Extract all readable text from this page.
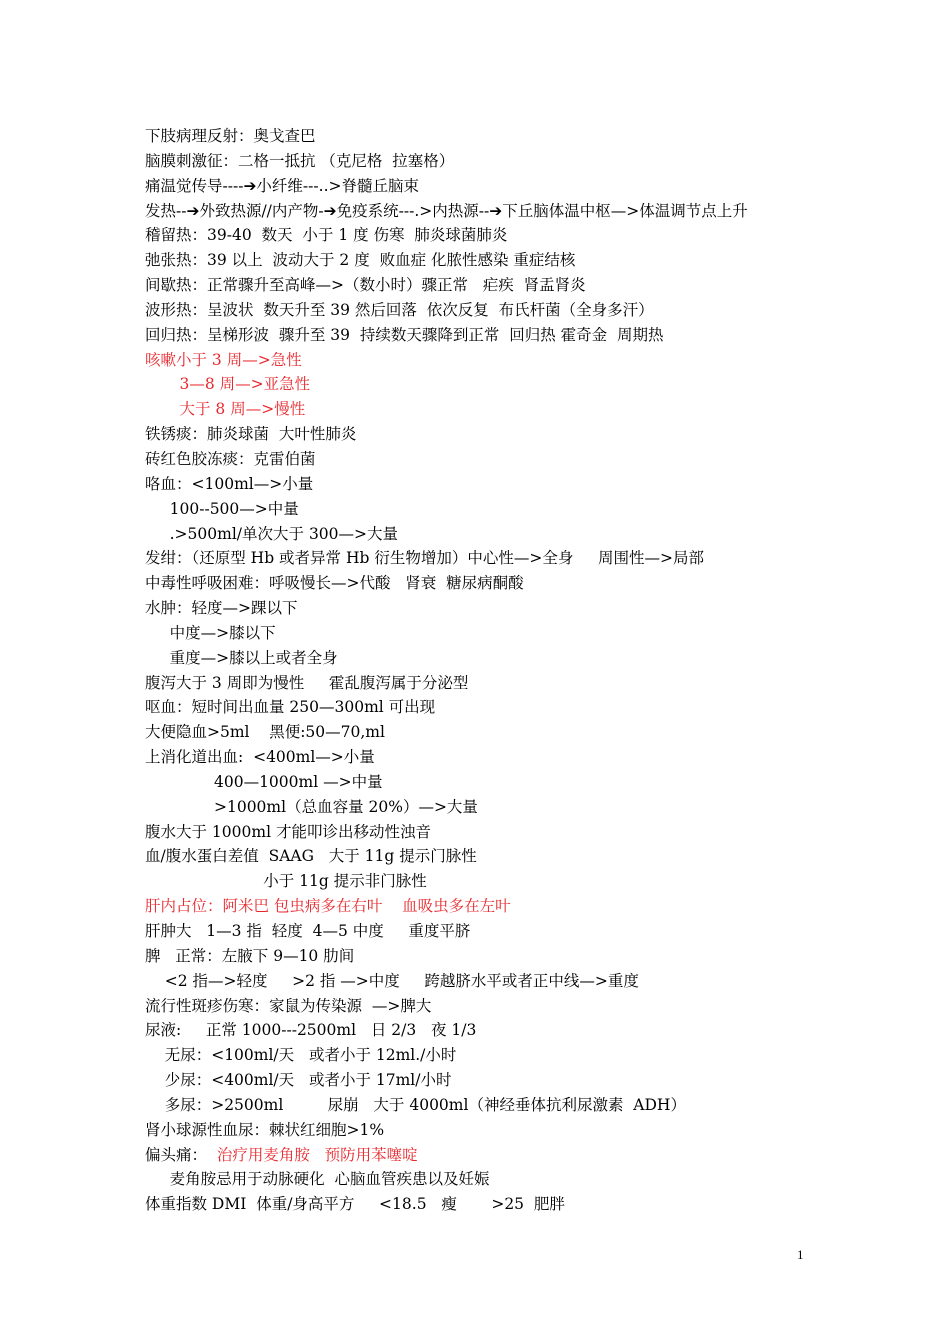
下肢病理反射：奥戈查巴
脑膜刺激征：二格一抵抗 （克尼格  拉塞格）
痛温觉传导----➔小纤维---..>脊髓丘脑束
发热--➔外致热源//内产物-➔免疫系统---.>内热源--➔下丘脑体温中枢—>体温调节点上升
稽留热：39-40  数天  小于 1 度 伤寒  肺炎球菌肺炎
弛张热：39 以上  波动大于 2 度  败血症 化脓性感染 重症结核
间歇热：正常骤升至高峰—>（数小时）骤正常   疟疾  肾盂肾炎
波形热：呈波状  数天升至 39 然后回落  依次反复  布氏杆菌（全身多汗）
回归热：呈梯形波  骤升至 39  持续数天骤降到正常  回归热 霍奇金  周期热
咳嗽小于 3 周—>急性
3—8 周—>亚急性
大于 8 周—>慢性
铁锈痰：肺炎球菌  大叶性肺炎
砖红色胶冻痰：克雷伯菌
咯血：<100ml—>小量
100--500—>中量
.>500ml/单次大于 300—>大量
发绀：（还原型 Hb 或者异常 Hb 衍生物增加）中心性—>全身     周围性—>局部
中毒性呼吸困难：呼吸慢长—>代酸   肾衰  糖尿病酮酸
水肿：轻度—>踝以下
中度—>膝以下
重度—>膝以上或者全身
腹泻大于 3 周即为慢性     霍乱腹泻属于分泌型
呕血：短时间出血量 250—300ml 可出现
大便隐血>5ml    黑便:50—70,ml
上消化道出血:  <400ml—>小量
400—1000ml —>中量
>1000ml（总血容量 20%）—>大量
腹水大于 1000ml 才能叩诊出移动性浊音
血/腹水蛋白差值  SAAG   大于 11g 提示门脉性
小于 11g 提示非门脉性
肝内占位：阿米巴 包虫病多在右叶    血吸虫多在左叶
肝肿大   1—3 指  轻度  4—5 中度     重度平脐
脾   正常：左腋下 9—10 肋间
<2 指—>轻度     >2 指 —>中度     跨越脐水平或者正中线—>重度
流行性斑疹伤寒：家鼠为传染源  —>脾大
尿液:     正常 1000---2500ml   日 2/3   夜 1/3
无尿：<100ml/天   或者小于 12ml./小时
少尿：<400ml/天   或者小于 17ml/小时
多尿：>2500ml         尿崩   大于 4000ml（神经垂体抗利尿激素  ADH）
肾小球源性血尿：棘状红细胞>1%
偏头痛：  治疗用麦角胺   预防用苯噻啶
麦角胺忌用于动脉硬化  心脑血管疾患以及妊娠
体重指数 DMI  体重/身高平方     <18.5   瘦       >25  肥胖
1
